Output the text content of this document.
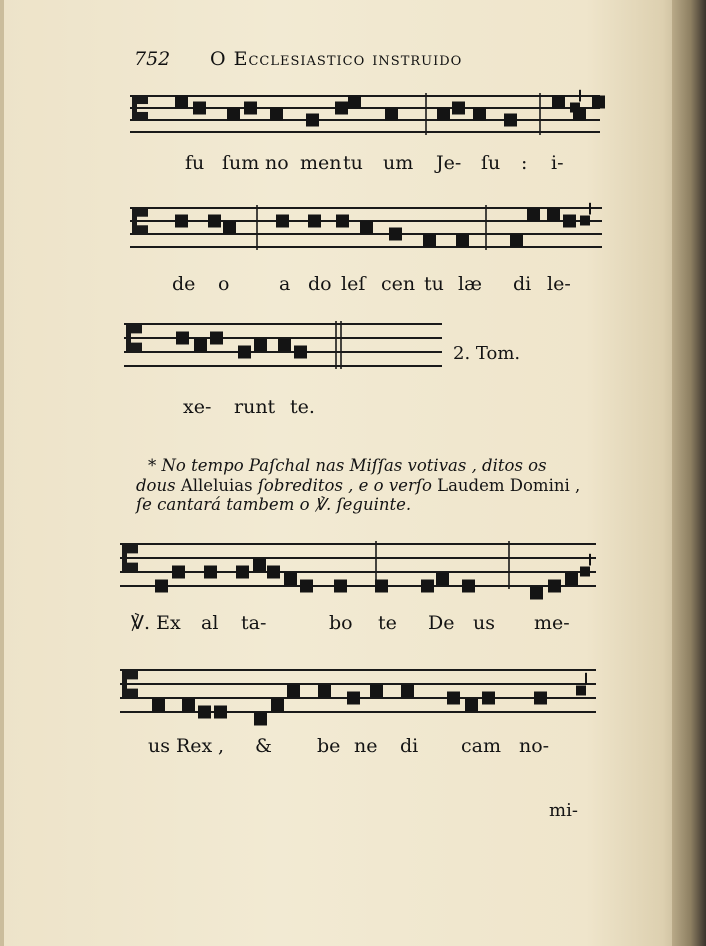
752 O Ecclesiastico instruido
fu ſum no men tu um Je- ſu : i-
de o	a do leſ cen tu læ di le-
2. Tom.
xe- runt te.
* No tempo Paſchal nas Miſſas votivas , ditos os
dous Alleluias ſobreditos , e o verſo Laudem Domini ,
ſe cantará tambem o ℣. ſeguinte.
℣. Ex al ta-	bo te De us me-
us Rex , & be ne di cam no-
mi-
